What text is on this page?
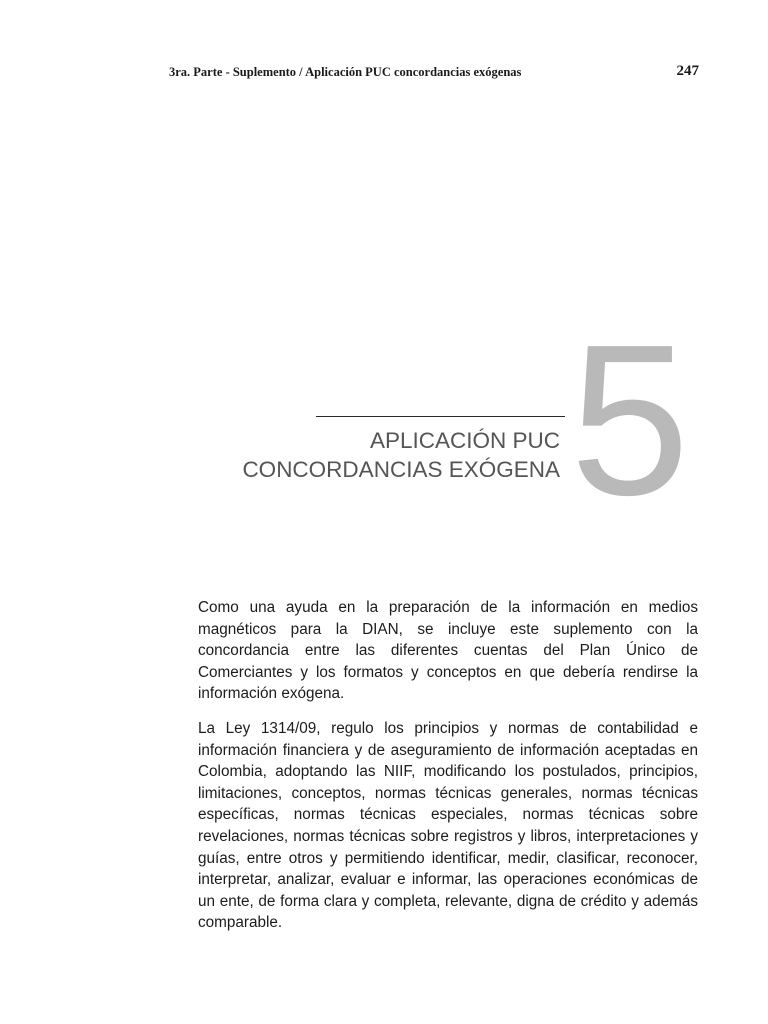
3ra. Parte - Suplemento / Aplicación PUC concordancias exógenas	247
APLICACIÓN PUC
CONCORDANCIAS EXÓGENA 5

Como una ayuda en la preparación de la información en medios magnéticos para la DIAN, se incluye este suplemento con la concordancia entre las diferentes cuentas del Plan Único de Comerciantes y los formatos y conceptos en que debería rendirse la información exógena.

La Ley 1314/09, regulo los principios y normas de contabilidad e información financiera y de aseguramiento de información aceptadas en Colombia, adoptando las NIIF, modificando los postulados, principios, limitaciones, conceptos, normas técnicas generales, normas técnicas específicas, normas técnicas especiales, normas técnicas sobre revelaciones, normas técnicas sobre registros y libros, interpretaciones y guías, entre otros y permitiendo identificar, medir, clasificar, reconocer, interpretar, analizar, evaluar e informar, las operaciones económicas de un ente, de forma clara y completa, relevante, digna de crédito y además comparable.
